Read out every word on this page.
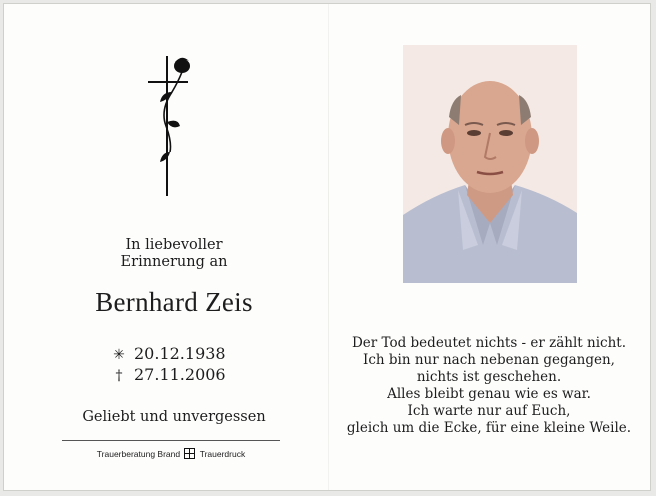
In liebevoller
Erinnerung an
Bernhard Zeis
✳ 20.12.1938
† 27.11.2006
Geliebt und unvergessen
Trauerberatung Brand Trauerdruck
Der Tod bedeutet nichts - er zählt nicht.
Ich bin nur nach nebenan gegangen,
nichts ist geschehen.
Alles bleibt genau wie es war.
Ich warte nur auf Euch,
gleich um die Ecke, für eine kleine Weile.
